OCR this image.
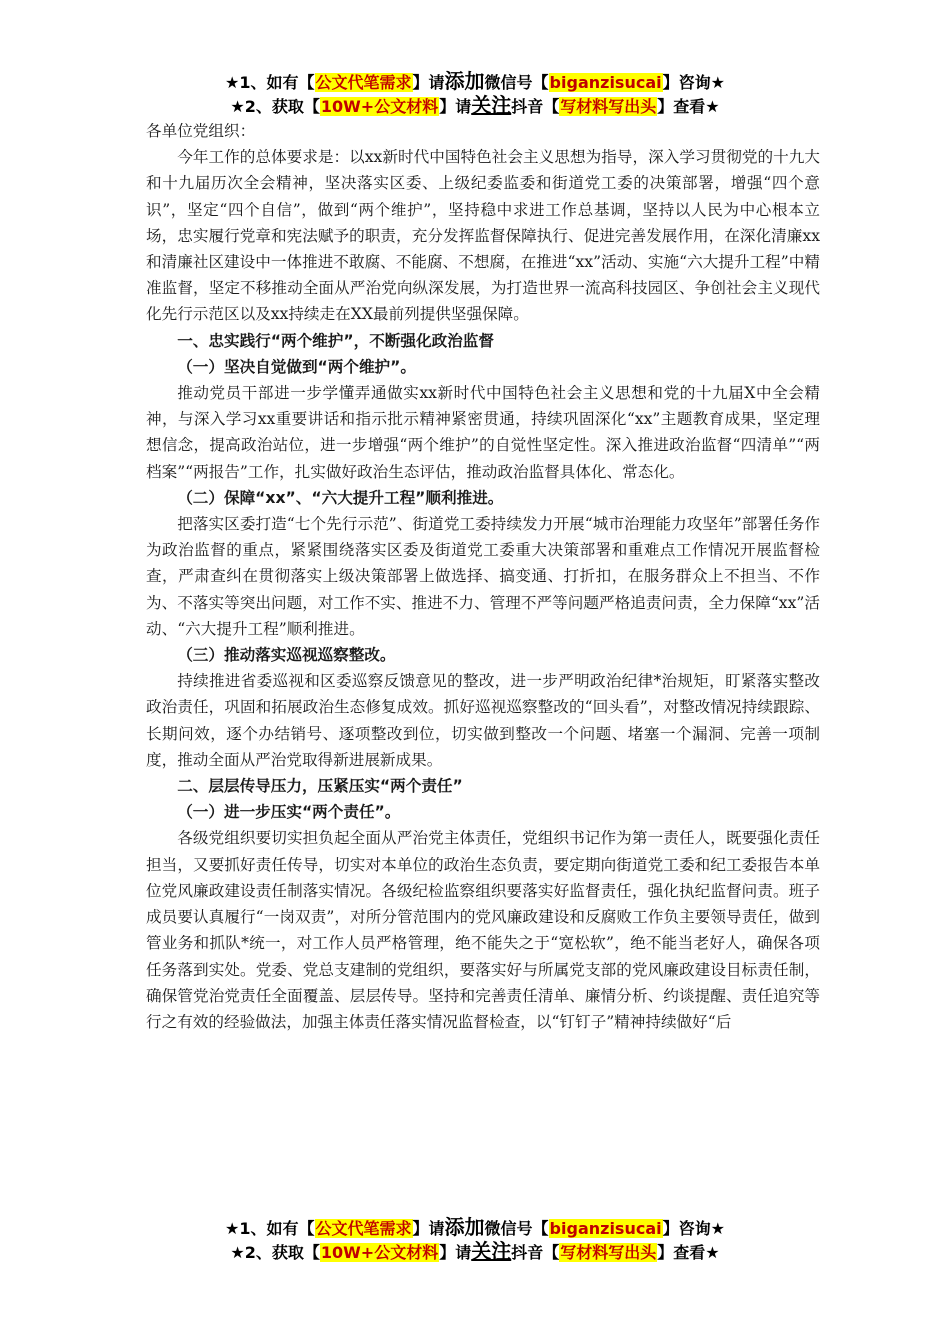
★1、如有【公文代笔需求】请添加微信号【biganzisucai】咨询★
★2、获取【10W+公文材料】请关注抖音【写材料写出头】查看★

各单位党组织：

今年工作的总体要求是：以xx新时代中国特色社会主义思想为指导，深入学习贯彻党的十九大和十九届历次全会精神，坚决落实区委、上级纪委监委和街道党工委的决策部署，增强“四个意识”，坚定“四个自信”，做到“两个维护”，坚持稳中求进工作总基调，坚持以人民为中心根本立场，忠实履行党章和宪法赋予的职责，充分发挥监督保障执行、促进完善发展作用，在深化清廉xx和清廉社区建设中一体推进不敢腐、不能腐、不想腐，在推进“xx”活动、实施“六大提升工程”中精准监督，坚定不移推动全面从严治党向纵深发展，为打造世界一流高科技园区、争创社会主义现代化先行示范区以及xx持续走在XX最前列提供坚强保障。

一、忠实践行“两个维护”，不断强化政治监督

（一）坚决自觉做到“两个维护”。

推动党员干部进一步学懂弄通做实xx新时代中国特色社会主义思想和党的十九届X中全会精神，与深入学习xx重要讲话和指示批示精神紧密贯通，持续巩固深化“xx”主题教育成果，坚定理想信念，提高政治站位，进一步增强“两个维护”的自觉性坚定性。深入推进政治监督“四清单”“两档案”“两报告”工作，扎实做好政治生态评估，推动政治监督具体化、常态化。

（二）保障“xx”、“六大提升工程”顺利推进。

把落实区委打造“七个先行示范”、街道党工委持续发力开展“城市治理能力攻坚年”部署任务作为政治监督的重点，紧紧围绕落实区委及街道党工委重大决策部署和重难点工作情况开展监督检查，严肃查纠在贯彻落实上级决策部署上做选择、搞变通、打折扣，在服务群众上不担当、不作为、不落实等突出问题，对工作不实、推进不力、管理不严等问题严格追责问责，全力保障“xx”活动、“六大提升工程”顺利推进。

（三）推动落实巡视巡察整改。

持续推进省委巡视和区委巡察反馈意见的整改，进一步严明政治纪律*治规矩，盯紧落实整改政治责任，巩固和拓展政治生态修复成效。抓好巡视巡察整改的“回头看”，对整改情况持续跟踪、长期问效，逐个办结销号、逐项整改到位，切实做到整改一个问题、堵塞一个漏洞、完善一项制度，推动全面从严治党取得新进展新成果。

二、层层传导压力，压紧压实“两个责任”

（一）进一步压实“两个责任”。

各级党组织要切实担负起全面从严治党主体责任，党组织书记作为第一责任人，既要强化责任担当，又要抓好责任传导，切实对本单位的政治生态负责，要定期向街道党工委和纪工委报告本单位党风廉政建设责任制落实情况。各级纪检监察组织要落实好监督责任，强化执纪监督问责。班子成员要认真履行“一岗双责”，对所分管范围内的党风廉政建设和反腐败工作负主要领导责任，做到管业务和抓队*统一，对工作人员严格管理，绝不能失之于“宽松软”，绝不能当老好人，确保各项任务落到实处。党委、党总支建制的党组织，要落实好与所属党支部的党风廉政建设目标责任制，确保管党治党责任全面覆盖、层层传导。坚持和完善责任清单、廉情分析、约谈提醒、责任追究等行之有效的经验做法，加强主体责任落实情况监督检查，以“钉钉子”精神持续做好“后

★1、如有【公文代笔需求】请添加微信号【biganzisucai】咨询★
★2、获取【10W+公文材料】请关注抖音【写材料写出头】查看★
